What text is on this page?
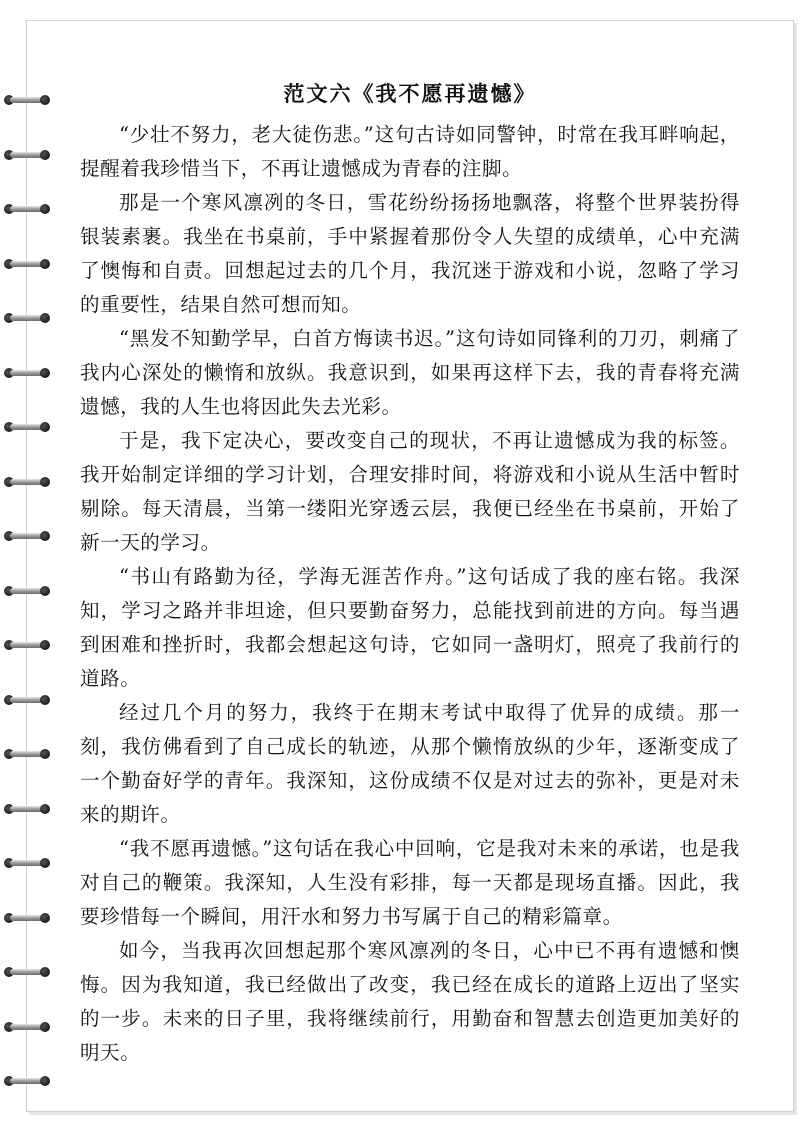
范文六《我不愿再遗憾》

“少壮不努力，老大徒伤悲。”这句古诗如同警钟，时常在我耳畔响起，提醒着我珍惜当下，不再让遗憾成为青春的注脚。

那是一个寒风凛冽的冬日，雪花纷纷扬扬地飘落，将整个世界装扮得银装素裹。我坐在书桌前，手中紧握着那份令人失望的成绩单，心中充满了懊悔和自责。回想起过去的几个月，我沉迷于游戏和小说，忽略了学习的重要性，结果自然可想而知。

“黑发不知勤学早，白首方悔读书迟。”这句诗如同锋利的刀刃，刺痛了我内心深处的懒惰和放纵。我意识到，如果再这样下去，我的青春将充满遗憾，我的人生也将因此失去光彩。

于是，我下定决心，要改变自己的现状，不再让遗憾成为我的标签。我开始制定详细的学习计划，合理安排时间，将游戏和小说从生活中暂时剔除。每天清晨，当第一缕阳光穿透云层，我便已经坐在书桌前，开始了新一天的学习。

“书山有路勤为径，学海无涯苦作舟。”这句话成了我的座右铭。我深知，学习之路并非坦途，但只要勤奋努力，总能找到前进的方向。每当遇到困难和挫折时，我都会想起这句诗，它如同一盏明灯，照亮了我前行的道路。

经过几个月的努力，我终于在期末考试中取得了优异的成绩。那一刻，我仿佛看到了自己成长的轨迹，从那个懒惰放纵的少年，逐渐变成了一个勤奋好学的青年。我深知，这份成绩不仅是对过去的弥补，更是对未来的期许。

“我不愿再遗憾。”这句话在我心中回响，它是我对未来的承诺，也是我对自己的鞭策。我深知，人生没有彩排，每一天都是现场直播。因此，我要珍惜每一个瞬间，用汗水和努力书写属于自己的精彩篇章。

如今，当我再次回想起那个寒风凛冽的冬日，心中已不再有遗憾和懊悔。因为我知道，我已经做出了改变，我已经在成长的道路上迈出了坚实的一步。未来的日子里，我将继续前行，用勤奋和智慧去创造更加美好的明天。
